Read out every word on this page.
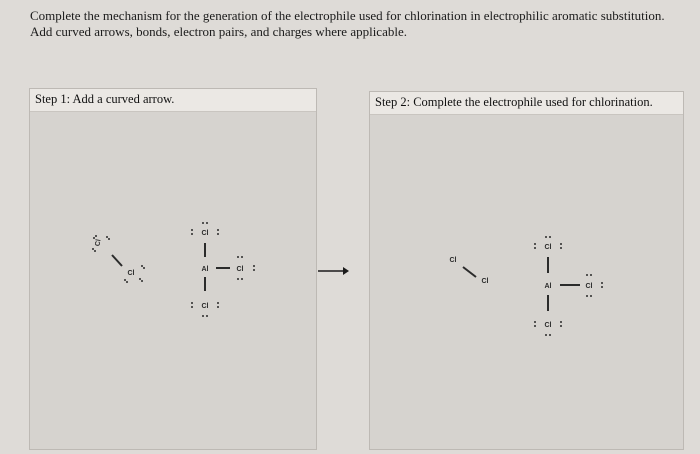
Complete the mechanism for the generation of the electrophile used for chlorination in electrophilic aromatic substitution.
Add curved arrows, bonds, electron pairs, and charges where applicable.
Step 1: Add a curved arrow.
Cl
Cl
Cl
Al	Cl
Cl
Step 2: Complete the electrophile used for chlorination.
Cl
Cl
Cl
Al	Cl
Cl
